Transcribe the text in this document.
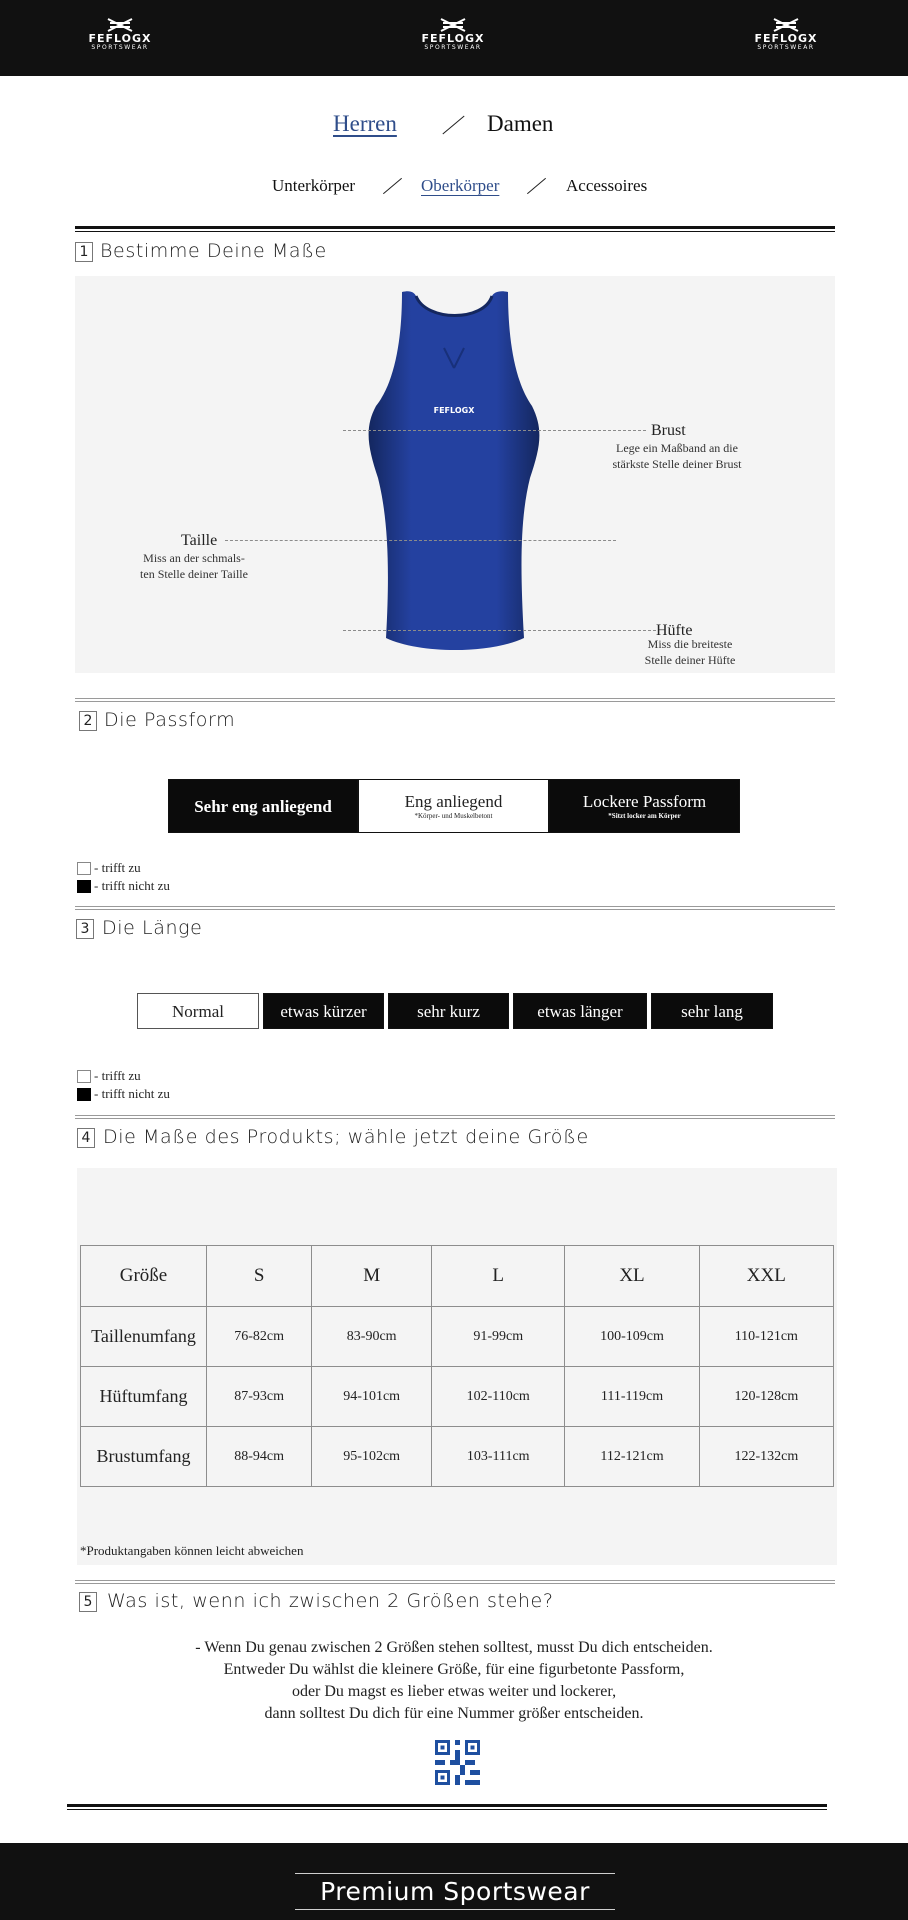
FEFLOGX
SPORTSWEAR
FEFLOGX
SPORTSWEAR
FEFLOGX
SPORTSWEAR
Herren	Damen
Unterkörper	Oberkörper	Accessoires
1 Bestimme Deine Maße
FEFLOGX
Brust
Lege ein Maßband an die
stärkste Stelle deiner Brust
Taille
Miss an der schmals-
ten Stelle deiner Taille
Hüfte
Miss die breiteste
Stelle deiner Hüfte
2 Die Passform
Sehr eng anliegend	Eng anliegend
*Körper- und Muskelbetont
Lockere Passform
*Sitzt locker am Körper
- trifft zu
- trifft nicht zu
3 Die Länge
Normal	etwas kürzer	sehr kurz	etwas länger	sehr lang
- trifft zu
- trifft nicht zu
4 Die Maße des Produkts; wähle jetzt deine Größe
Größe	S	M	L	XL	XXL
Taillenumfang	76-82cm	83-90cm	91-99cm	100-109cm	110-121cm
Hüftumfang	87-93cm	94-101cm	102-110cm	111-119cm	120-128cm
Brustumfang	88-94cm	95-102cm	103-111cm	112-121cm	122-132cm
*Produktangaben können leicht abweichen
5 Was ist, wenn ich zwischen 2 Größen stehe?
- Wenn Du genau zwischen 2 Größen stehen solltest, musst Du dich entscheiden.
Entweder Du wählst die kleinere Größe, für eine figurbetonte Passform,
oder Du magst es lieber etwas weiter und lockerer,
dann solltest Du dich für eine Nummer größer entscheiden.
Premium Sportswear
